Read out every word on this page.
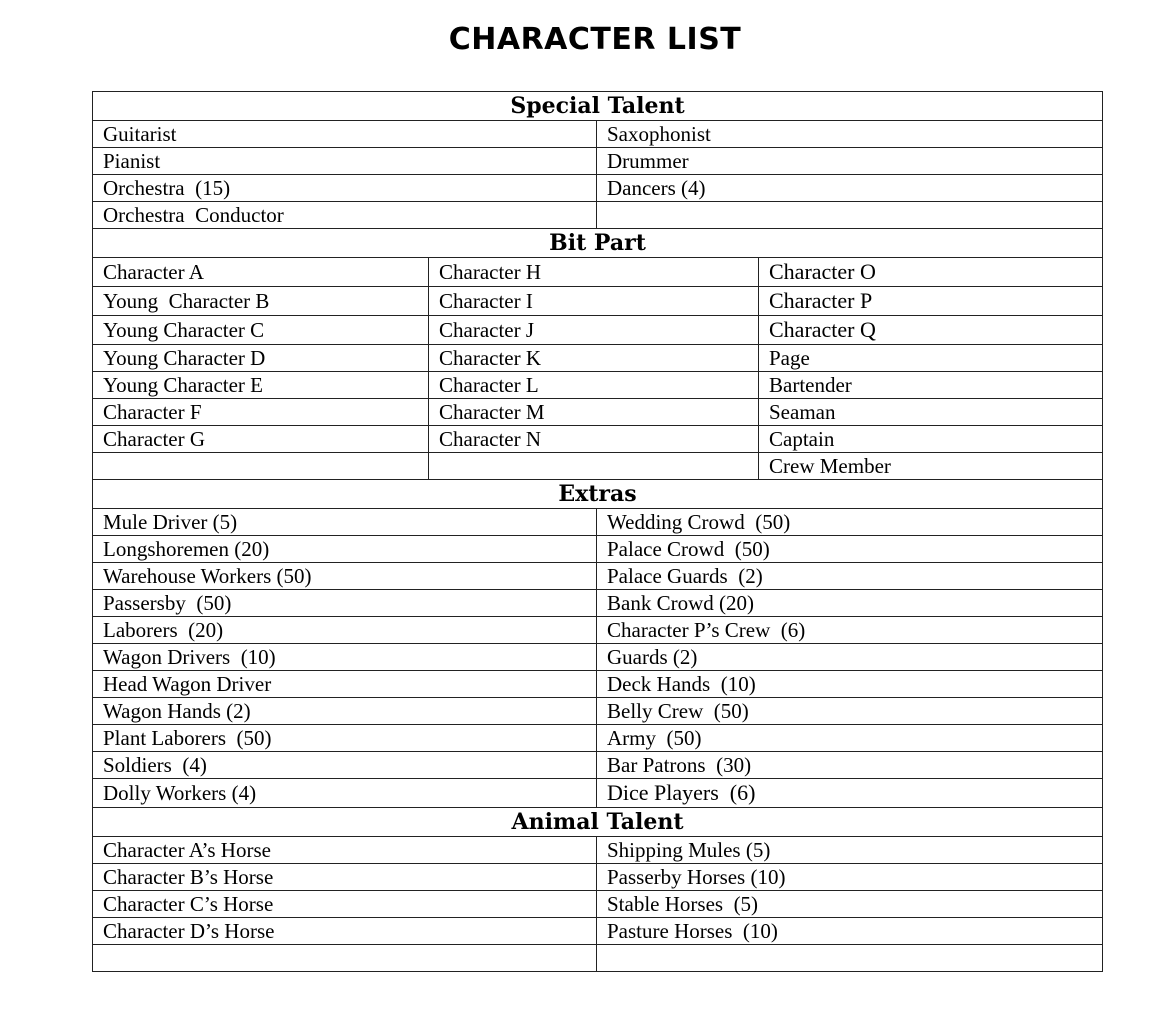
CHARACTER LIST
Special Talent			
Guitarist		Saxophonist	
Pianist		Drummer	
Orchestra  (15)		Dancers (4)	
Orchestra  Conductor			
Bit Part			
Character A	Character H		Character O
Young  Character B	Character I		Character P
Young Character C	Character J		Character Q
Young Character D	Character K		Page
Young Character E	Character L		Bartender
Character F	Character M		Seaman
Character G	Character N		Captain
			Crew Member
Extras			
Mule Driver (5)		Wedding Crowd  (50)	
Longshoremen (20)		Palace Crowd  (50)	
Warehouse Workers (50)		Palace Guards  (2)	
Passersby  (50)		Bank Crowd (20)	
Laborers  (20)		Character P’s Crew  (6)	
Wagon Drivers  (10)		Guards (2)	
Head Wagon Driver		Deck Hands  (10)	
Wagon Hands (2)		Belly Crew  (50)	
Plant Laborers  (50)		Army  (50)	
Soldiers  (4)		Bar Patrons  (30)	
Dolly Workers (4)		Dice Players  (6)	
Animal Talent			
Character A’s Horse		Shipping Mules (5)	
Character B’s Horse		Passerby Horses (10)	
Character C’s Horse		Stable Horses  (5)	
Character D’s Horse		Pasture Horses  (10)	
